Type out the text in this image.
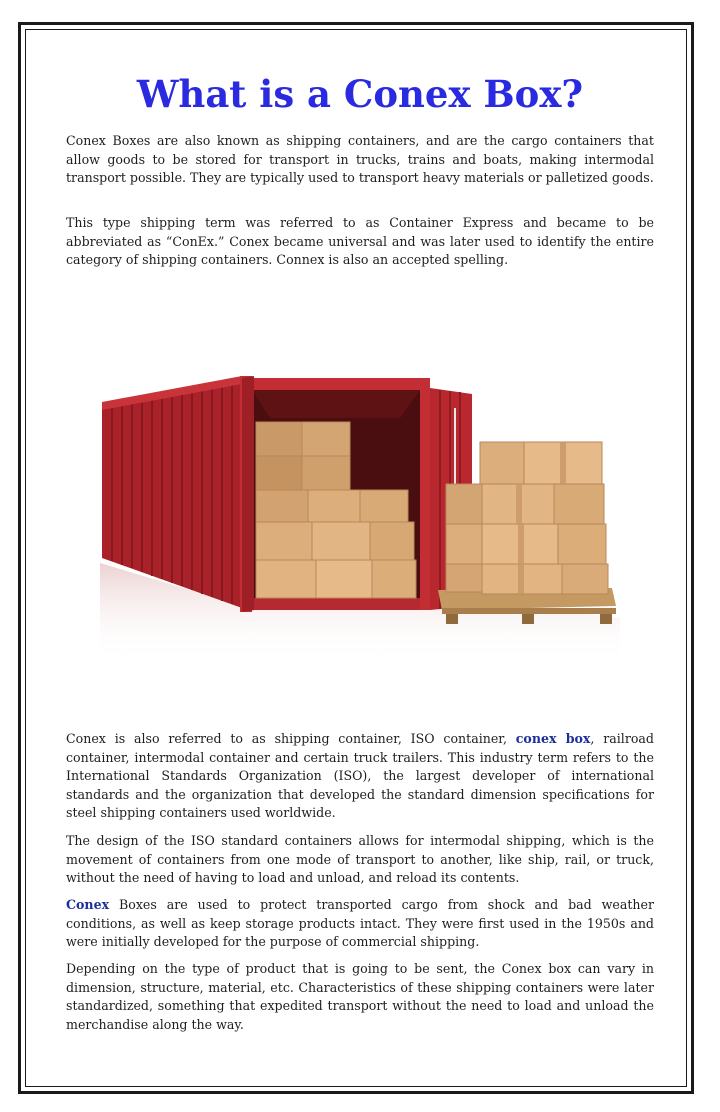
What is a Conex Box?

Conex Boxes are also known as shipping containers, and are the cargo containers that allow goods to be stored for transport in trucks, trains and boats, making intermodal transport possible. They are typically used to transport heavy materials or palletized goods.

This type shipping term was referred to as Container Express and became to be abbreviated as “ConEx.” Conex became universal and was later used to identify the entire category of shipping containers. Connex is also an accepted spelling.

Conex is also referred to as shipping container, ISO container, conex box, railroad container, intermodal container and certain truck trailers. This industry term refers to the International Standards Organization (ISO), the largest developer of international standards and the organization that developed the standard dimension specifications for steel shipping containers used worldwide.

The design of the ISO standard containers allows for intermodal shipping, which is the movement of containers from one mode of transport to another, like ship, rail, or truck, without the need of having to load and unload, and reload its contents.

Conex Boxes are used to protect transported cargo from shock and bad weather conditions, as well as keep storage products intact. They were first used in the 1950s and were initially developed for the purpose of commercial shipping.

Depending on the type of product that is going to be sent, the Conex box can vary in dimension, structure, material, etc. Characteristics of these shipping containers were later standardized, something that expedited transport without the need to load and unload the merchandise along the way.
